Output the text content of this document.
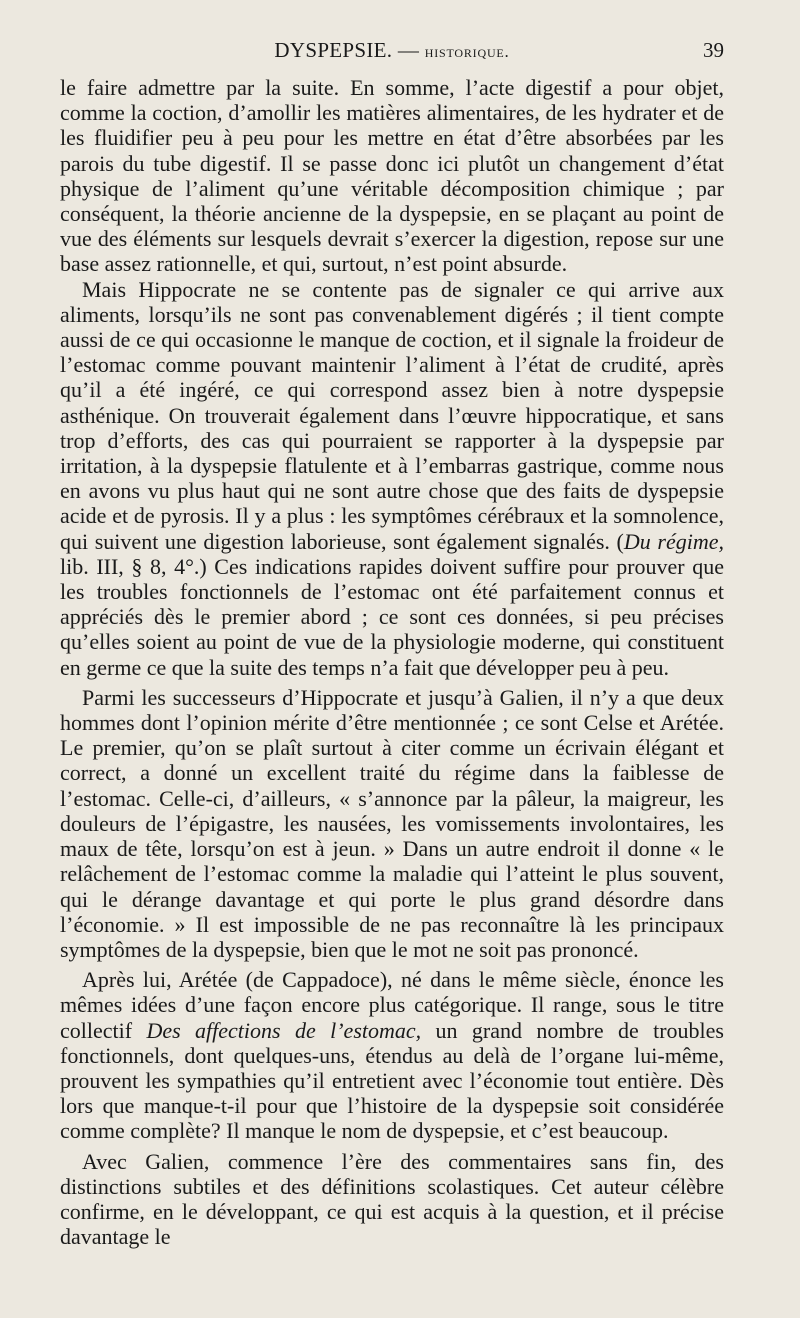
DYSPEPSIE. — historique.	39

le faire admettre par la suite. En somme, l’acte digestif a pour objet, comme la coction, d’amollir les matières alimentaires, de les hydrater et de les fluidifier peu à peu pour les mettre en état d’être absorbées par les parois du tube digestif. Il se passe donc ici plutôt un changement d’état physique de l’aliment qu’une véritable décomposition chimique ; par conséquent, la théorie ancienne de la dyspepsie, en se plaçant au point de vue des éléments sur lesquels devrait s’exercer la digestion, repose sur une base assez rationnelle, et qui, surtout, n’est point absurde.

Mais Hippocrate ne se contente pas de signaler ce qui arrive aux aliments, lorsqu’ils ne sont pas convenablement digérés ; il tient compte aussi de ce qui occasionne le manque de coction, et il signale la froideur de l’estomac comme pouvant maintenir l’aliment à l’état de crudité, après qu’il a été ingéré, ce qui correspond assez bien à notre dyspepsie asthénique. On trouverait également dans l’œuvre hippocratique, et sans trop d’efforts, des cas qui pourraient se rapporter à la dyspepsie par irritation, à la dyspepsie flatulente et à l’embarras gastrique, comme nous en avons vu plus haut qui ne sont autre chose que des faits de dyspepsie acide et de pyrosis. Il y a plus : les symptômes cérébraux et la somnolence, qui suivent une digestion laborieuse, sont également signalés. (Du régime, lib. III, § 8, 4°.) Ces indications rapides doivent suffire pour prouver que les troubles fonctionnels de l’estomac ont été parfaitement connus et appréciés dès le premier abord ; ce sont ces données, si peu précises qu’elles soient au point de vue de la physiologie moderne, qui constituent en germe ce que la suite des temps n’a fait que développer peu à peu.

Parmi les successeurs d’Hippocrate et jusqu’à Galien, il n’y a que deux hommes dont l’opinion mérite d’être mentionnée ; ce sont Celse et Arétée. Le premier, qu’on se plaît surtout à citer comme un écrivain élégant et correct, a donné un excellent traité du régime dans la faiblesse de l’estomac. Celle-ci, d’ailleurs, « s’annonce par la pâleur, la maigreur, les douleurs de l’épigastre, les nausées, les vomissements involontaires, les maux de tête, lorsqu’on est à jeun. » Dans un autre endroit il donne « le relâchement de l’estomac comme la maladie qui l’atteint le plus souvent, qui le dérange davantage et qui porte le plus grand désordre dans l’économie. » Il est impossible de ne pas reconnaître là les principaux symptômes de la dyspepsie, bien que le mot ne soit pas prononcé.

Après lui, Arétée (de Cappadoce), né dans le même siècle, énonce les mêmes idées d’une façon encore plus catégorique. Il range, sous le titre collectif Des affections de l’estomac, un grand nombre de troubles fonctionnels, dont quelques-uns, étendus au delà de l’organe lui-même, prouvent les sympathies qu’il entretient avec l’économie tout entière. Dès lors que manque-t-il pour que l’histoire de la dyspepsie soit considérée comme complète? Il manque le nom de dyspepsie, et c’est beaucoup.

Avec Galien, commence l’ère des commentaires sans fin, des distinctions subtiles et des définitions scolastiques. Cet auteur célèbre confirme, en le développant, ce qui est acquis à la question, et il précise davantage le
